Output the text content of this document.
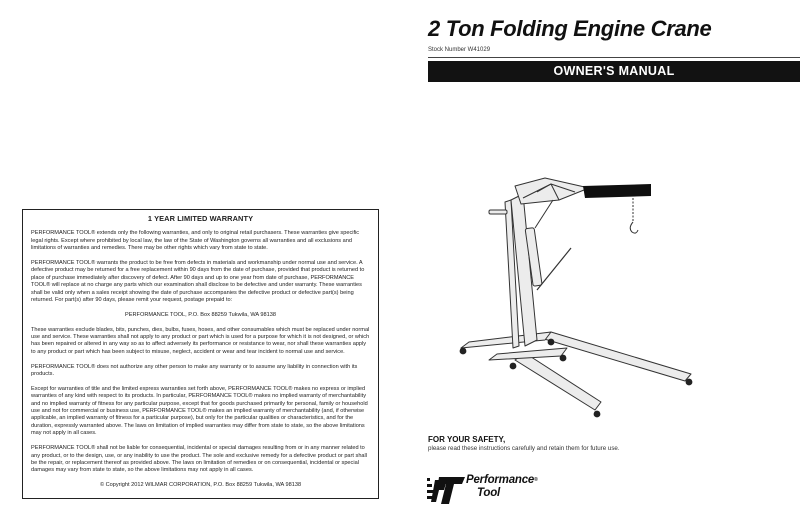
1 YEAR LIMITED WARRANTY

PERFORMANCE TOOL® extends only the following warranties, and only to original retail purchasers. These warranties give specific legal rights. Except where prohibited by local law, the law of the State of Washington governs all warranties and all exclusions and limitations of warranties and remedies. There may be other rights which vary from state to state.

PERFORMANCE TOOL® warrants the product to be free from defects in materials and workmanship under normal use and service. A defective product may be returned for a free replacement within 90 days from the date of purchase, provided that product is returned to place of purchase immediately after discovery of defect. After 90 days and up to one year from date of purchase, PERFORMANCE TOOL® will replace at no charge any parts which our examination shall disclose to be defective and under warranty. These warranties shall be valid only when a sales receipt showing the date of purchase accompanies the defective product or defective part(s) being returned. For part(s) after 90 days, please remit your request, postage prepaid to:

PERFORMANCE TOOL, P.O. Box 88259 Tukwila, WA 98138

These warranties exclude blades, bits, punches, dies, bulbs, fuses, hoses, and other consumables which must be replaced under normal use and service. These warranties shall not apply to any product or part which is used for a purpose for which it is not designed, or which has been repaired or altered in any way so as to affect adversely its performance or resistance to wear, nor shall these warranties apply to any product or part which has been subject to misuse, neglect, accident or wear and tear incident to normal use and service.

PERFORMANCE TOOL® does not authorize any other person to make any warranty or to assume any liability in connection with its products.

Except for warranties of title and the limited express warranties set forth above, PERFORMANCE TOOL® makes no express or implied warranties of any kind with respect to its products. In particular, PERFORMANCE TOOL® makes no implied warranty of merchantability and no implied warranty of fitness for any particular purpose, except that for goods purchased primarily for personal, family or household use and not for commercial or business use, PERFORMANCE TOOL® makes an implied warranty of merchantability (and, if otherwise applicable, an implied warranty of fitness for a particular purpose), but only for the particular qualities or characteristics, and for the duration, expressly warranted above. The laws on limitation of implied warranties may differ from state to state, so the above limitations may not apply in all cases.

PERFORMANCE TOOL® shall not be liable for consequential, incidental or special damages resulting from or in any manner related to any product, or to the design, use, or any inability to use the product. The sole and exclusive remedy for a defective product or part shall be the repair, or replacement thereof as provided above. The laws on limitation of remedies or on consequential, incidental or special damages may vary from state to state, so the above limitations may not apply in all cases.

© Copyright 2012 WILMAR CORPORATION, P.O. Box 88259 Tukwila, WA 98138

2 Ton Folding Engine Crane
Stock Number W41029
OWNER'S MANUAL
FOR YOUR SAFETY,
please read these instructions carefully and retain them for future use.
Performance®
Tool
